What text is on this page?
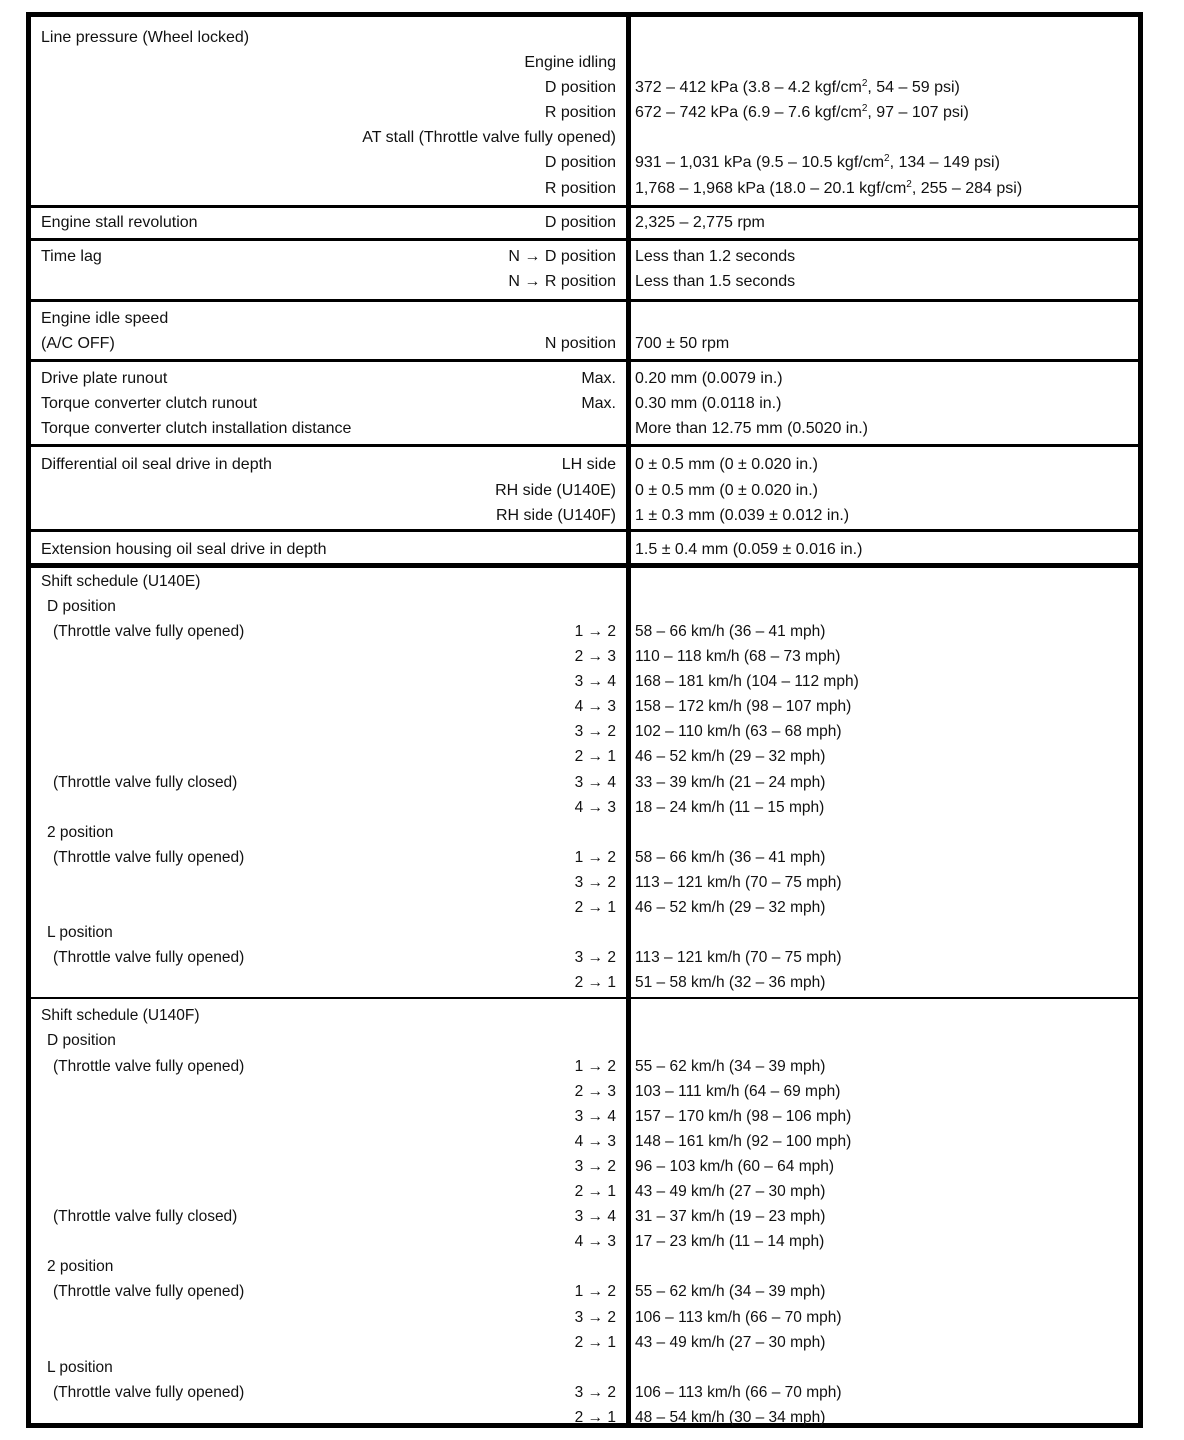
Line pressure (Wheel locked)
Engine idling
D position 372 – 412 kPa (3.8 – 4.2 kgf/$cm^2$, 54 – 59 psi)
R position 672 – 742 kPa (6.9 – 7.6 kgf/$cm^2$, 97 – 107 psi)
AT stall (Throttle valve fully opened)
D position 931 – 1,031 kPa (9.5 – 10.5 kgf/$cm^2$, 134 – 149 psi)
R position 1,768 – 1,968 kPa (18.0 – 20.1 kgf/$cm^2$, 255 – 284 psi)
Engine stall revolution	D position 2,325 – 2,775 rpm
Time lag	N → D position Less than 1.2 seconds
N → R position Less than 1.5 seconds
Engine idle speed
(A/C OFF)	N position 700 ± 50 rpm
Drive plate runout	Max. 0.20 mm (0.0079 in.)
Torque converter clutch runout	Max. 0.30 mm (0.0118 in.)
Torque converter clutch installation distance	More than 12.75 mm (0.5020 in.)
Differential oil seal drive in depth	LH side 0 ± 0.5 mm (0 ± 0.020 in.)
RH side (U140E) 0 ± 0.5 mm (0 ± 0.020 in.)
RH side (U140F) 1 ± 0.3 mm (0.039 ± 0.012 in.)
Extension housing oil seal drive in depth	1.5 ± 0.4 mm (0.059 ± 0.016 in.)
Shift schedule (U140E)
D position
(Throttle valve fully opened)	1 → 2 58 – 66 km/h (36 – 41 mph)
2 → 3 110 – 118 km/h (68 – 73 mph)
3 → 4 168 – 181 km/h (104 – 112 mph)
4 → 3 158 – 172 km/h (98 – 107 mph)
3 → 2 102 – 110 km/h (63 – 68 mph)
2 → 1 46 – 52 km/h (29 – 32 mph)
(Throttle valve fully closed)	3 → 4 33 – 39 km/h (21 – 24 mph)
4 → 3 18 – 24 km/h (11 – 15 mph)
2 position
(Throttle valve fully opened)	1 → 2 58 – 66 km/h (36 – 41 mph)
3 → 2 113 – 121 km/h (70 – 75 mph)
2 → 1 46 – 52 km/h (29 – 32 mph)
L position
(Throttle valve fully opened)	3 → 2 113 – 121 km/h (70 – 75 mph)
2 → 1 51 – 58 km/h (32 – 36 mph)
Shift schedule (U140F)
D position
(Throttle valve fully opened)	1 → 2 55 – 62 km/h (34 – 39 mph)
2 → 3 103 – 111 km/h (64 – 69 mph)
3 → 4 157 – 170 km/h (98 – 106 mph)
4 → 3 148 – 161 km/h (92 – 100 mph)
3 → 2 96 – 103 km/h (60 – 64 mph)
2 → 1 43 – 49 km/h (27 – 30 mph)
(Throttle valve fully closed)	3 → 4 31 – 37 km/h (19 – 23 mph)
4 → 3 17 – 23 km/h (11 – 14 mph)
2 position
(Throttle valve fully opened)	1 → 2 55 – 62 km/h (34 – 39 mph)
3 → 2 106 – 113 km/h (66 – 70 mph)
2 → 1 43 – 49 km/h (27 – 30 mph)
L position
(Throttle valve fully opened)	3 → 2 106 – 113 km/h (66 – 70 mph)
2 → 1 48 – 54 km/h (30 – 34 mph)
